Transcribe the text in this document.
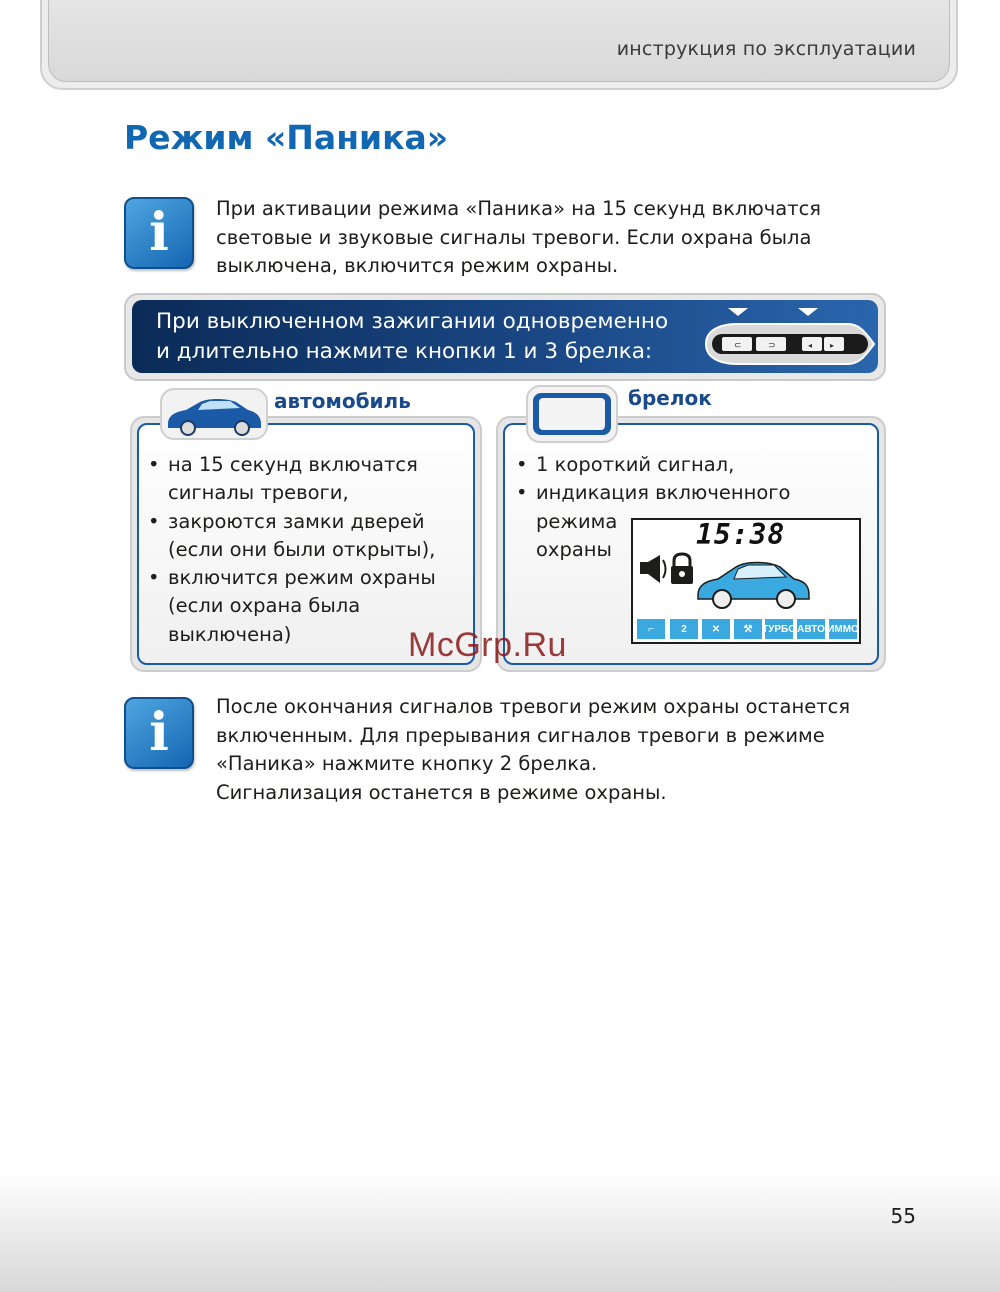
инструкция по эксплуатации
Режим «Паника»
i При активации режима «Паника» на 15 секунд включатся
световые и звуковые сигналы тревоги. Если охрана была
выключена, включится режим охраны.
При выключенном зажигании одновременно
и длительно нажмите кнопки 1 и 3 брелка:	⊂	⊃	◂ ▸
автомобиль
• на 15 секунд включатся
сигналы тревоги,
• закроются замки дверей
(если они были открыты),
• включится режим охраны
(если охрана была
выключена)
брелок
• 1 короткий сигнал,
• индикация включенного
режима
охраны	15:38
⌐	2	✕	⚒ ТУРБО АВТО ИММО
McGrp.Ru
i После окончания сигналов тревоги режим охраны останется
включенным. Для прерывания сигналов тревоги в режиме
«Паника» нажмите кнопку 2 брелка.
Сигнализация останется в режиме охраны.
55
